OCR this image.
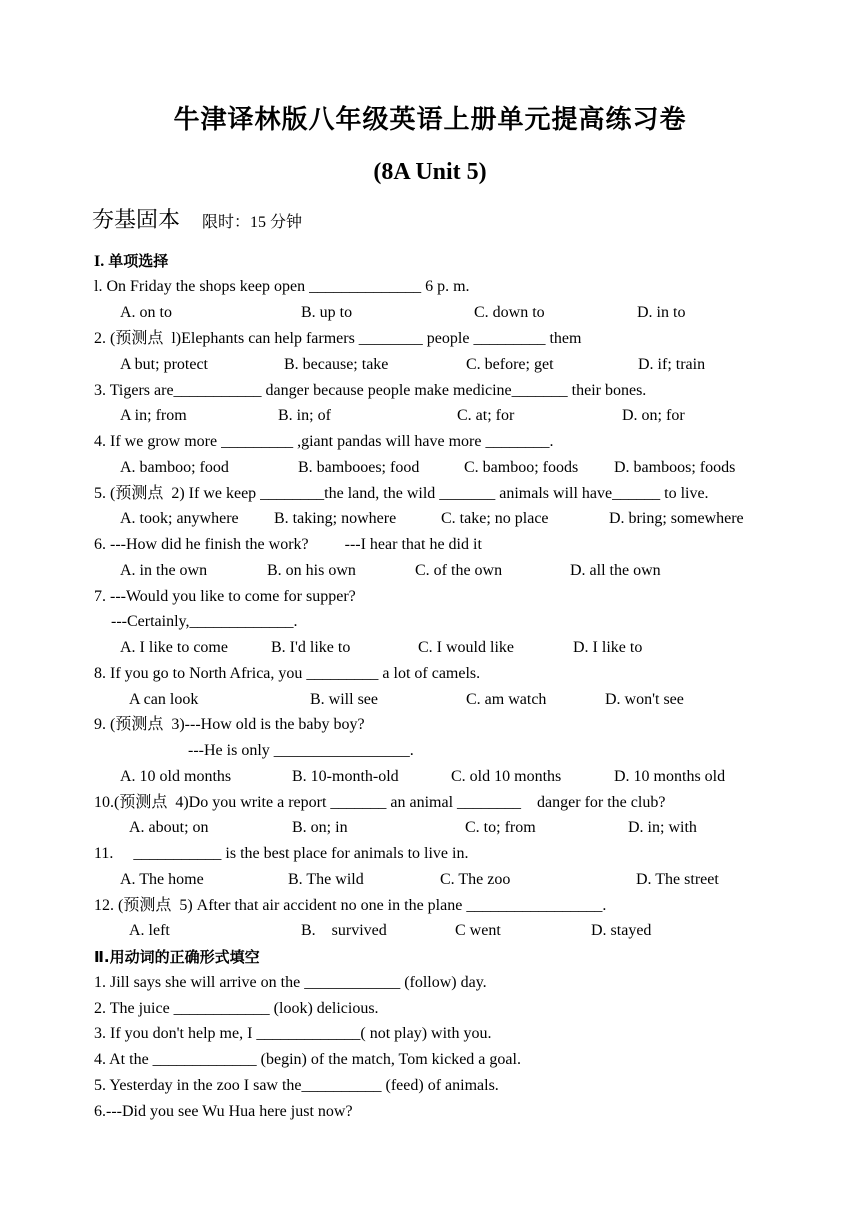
牛津译林版八年级英语上册单元提高练习卷
(8A Unit 5)
夯基固本 限时：15 分钟
I. 单项选择
l. On Friday the shops keep open ______________ 6 p. m.
A. on to	B. up to	C. down to	D. in to
2. (预测点  l)Elephants can help farmers ________ people _________ them
A but; protect	B. because; take	C. before; get	D. if; train
3. Tigers are___________ danger because people make medicine_______ their bones.
A in; from	B. in; of	C. at; for	D. on; for
4. If we grow more _________ ,giant pandas will have more ________.
A. bamboo; food	B. bambooes; food	C. bamboo; foods D. bamboos; foods
5. (预测点  2) If we keep ________the land, the wild _______ animals will have______ to live.
A. took; anywhere B. taking; nowhere	C. take; no place	D. bring; somewhere
6. ---How did he finish the work?         ---I hear that he did it
A. in the own	B. on his own	C. of the own	D. all the own
7. ---Would you like to come for supper?
---Certainly,_____________.
A. I like to come	B. I'd like to	C. I would like	D. I like to
8. If you go to North Africa, you _________ a lot of camels.
A can look	B. will see	C. am watch	D. won't see
9. (预测点  3)---How old is the baby boy?
---He is only _________________.
A. 10 old months	B. 10-month-old	C. old 10 months	D. 10 months old
10.(预测点  4)Do you write a report _______ an animal ________    danger for the club?
A. about; on	B. on; in	C. to; from	D. in; with
11.     ___________ is the best place for animals to live in.
A. The home	B. The wild	C. The zoo	D. The street
12. (预测点  5) After that air accident no one in the plane _________________.
A. left	B.    survived	C went	D. stayed
Ⅱ.用动词的正确形式填空
1. Jill says she will arrive on the ____________ (follow) day.
2. The juice ____________ (look) delicious.
3. If you don't help me, I _____________( not play) with you.
4. At the _____________ (begin) of the match, Tom kicked a goal.
5. Yesterday in the zoo I saw the__________ (feed) of animals.
6.---Did you see Wu Hua here just now?
